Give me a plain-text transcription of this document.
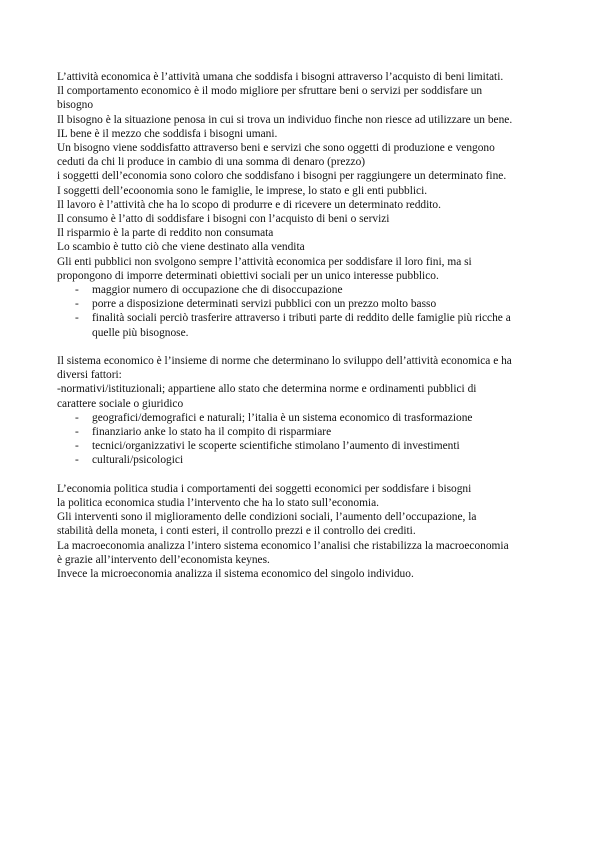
L’attività economica è l’attività umana che soddisfa i bisogni attraverso l’acquisto di beni limitati.
Il comportamento economico è il modo migliore per sfruttare beni o servizi per soddisfare un
bisogno
Il bisogno è la situazione penosa in cui si trova un individuo finche non riesce ad utilizzare un bene.
IL bene è il mezzo che soddisfa i bisogni umani.
Un bisogno viene soddisfatto attraverso beni e servizi che sono oggetti di produzione e vengono
ceduti da chi li produce in cambio di una somma di denaro (prezzo)
i soggetti dell’economia sono coloro che soddisfano i bisogni per raggiungere un determinato fine.
I soggetti dell’ecoonomia sono le famiglie, le imprese, lo stato e gli enti pubblici.
Il lavoro è l’attività che ha lo scopo di produrre e di ricevere un determinato reddito.
Il consumo è l’atto di soddisfare i bisogni con l’acquisto di beni o servizi
Il risparmio è la parte di reddito non consumata
Lo scambio è tutto ciò che viene destinato alla vendita
Gli enti pubblici non svolgono sempre l’attività economica per soddisfare il loro fini, ma si
propongono di imporre determinati obiettivi sociali per un unico interesse pubblico.
- maggior numero di occupazione che di disoccupazione
- porre a disposizione determinati servizi pubblici con un prezzo molto basso
- finalità sociali perciò trasferire attraverso i tributi parte di reddito delle famiglie più ricche a
quelle più bisognose.
Il sistema economico è l’insieme di norme che determinano lo sviluppo dell’attività economica e ha
diversi fattori:
-normativi/istituzionali; appartiene allo stato che determina norme e ordinamenti pubblici di
carattere sociale o giuridico
- geografici/demografici e naturali; l’italia è un sistema economico di trasformazione
- finanziario anke lo stato ha il compito di risparmiare
- tecnici/organizzativi le scoperte scientifiche stimolano l’aumento di investimenti
- culturali/psicologici
L’economia politica studia i comportamenti dei soggetti economici per soddisfare i bisogni
la politica economica studia l’intervento che ha lo stato sull’economia.
Gli interventi sono il miglioramento delle condizioni sociali, l’aumento dell’occupazione, la
stabilità della moneta, i conti esteri, il controllo prezzi e il controllo dei crediti.
La macroeconomia analizza l’intero sistema economico l’analisi che ristabilizza la macroeconomia
è grazie all’intervento dell’economista keynes.
Invece la microeconomia analizza il sistema economico del singolo individuo.
